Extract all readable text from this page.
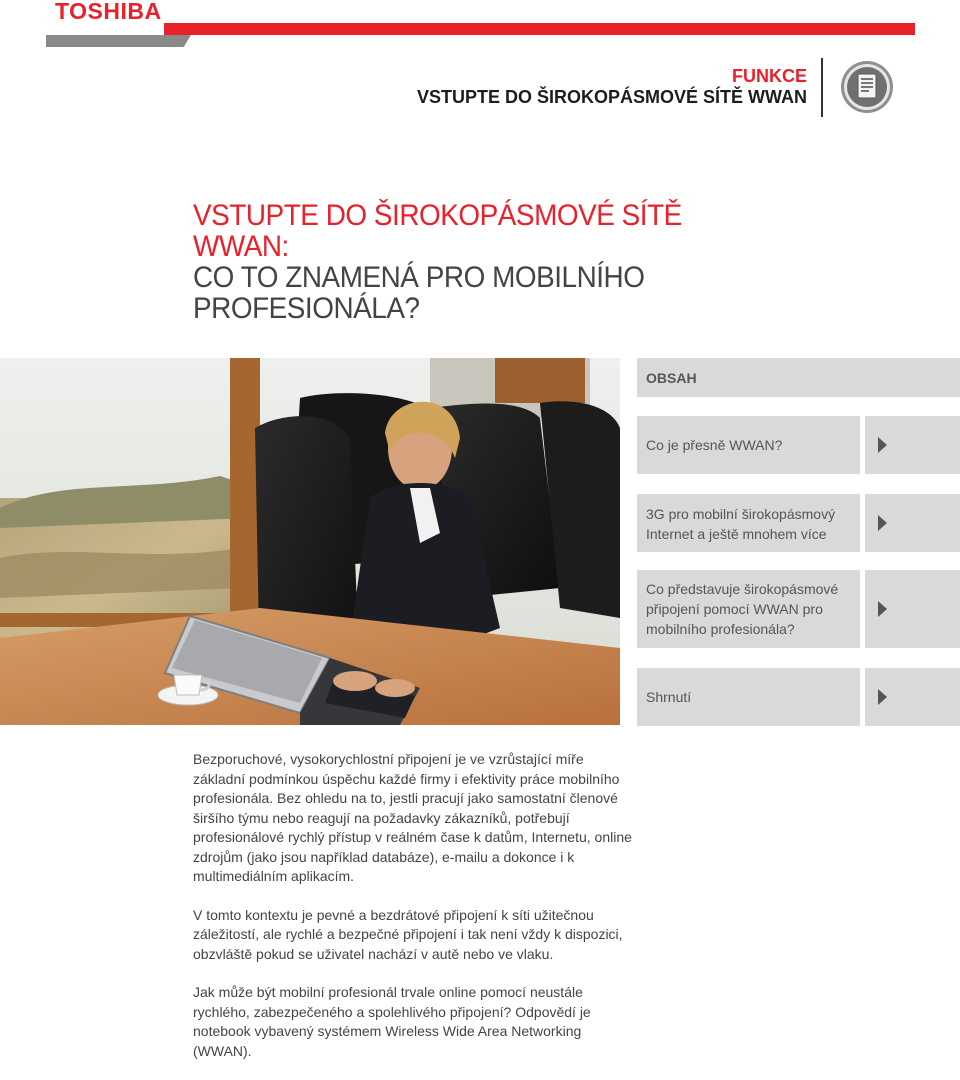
TOSHIBA
FUNKCE
VSTUPTE DO ŠIROKOPÁSMOVÉ SÍTĚ WWAN
VSTUPTE DO ŠIROKOPÁSMOVÉ SÍTĚ WWAN:
CO TO ZNAMENÁ PRO MOBILNÍHO
PROFESIONÁLA?
OBSAH
Co je přesně WWAN?
3G pro mobilní širokopásmový Internet a ještě mnohem více
Co představuje širokopásmové připojení pomocí WWAN pro mobilního profesionála?
Shrnutí

Bezporuchové, vysokorychlostní připojení je ve vzrůstající míře základní podmínkou úspěchu každé firmy i efektivity práce mobilního profesionála. Bez ohledu na to, jestli pracují jako samostatní členové širšího týmu nebo reagují na požadavky zákazníků, potřebují profesionálové rychlý přístup v reálném čase k datům, Internetu, online zdrojům (jako jsou například databáze), e-mailu a dokonce i k multimediálním aplikacím.

V tomto kontextu je pevné a bezdrátové připojení k síti užitečnou záležitostí, ale rychlé a bezpečné připojení i tak není vždy k dispozici, obzvláště pokud se uživatel nachází v autě nebo ve vlaku.

Jak může být mobilní profesionál trvale online pomocí neustále rychlého, zabezpečeného a spolehlivého připojení? Odpovědí je notebook vybavený systémem Wireless Wide Area Networking (WWAN).
